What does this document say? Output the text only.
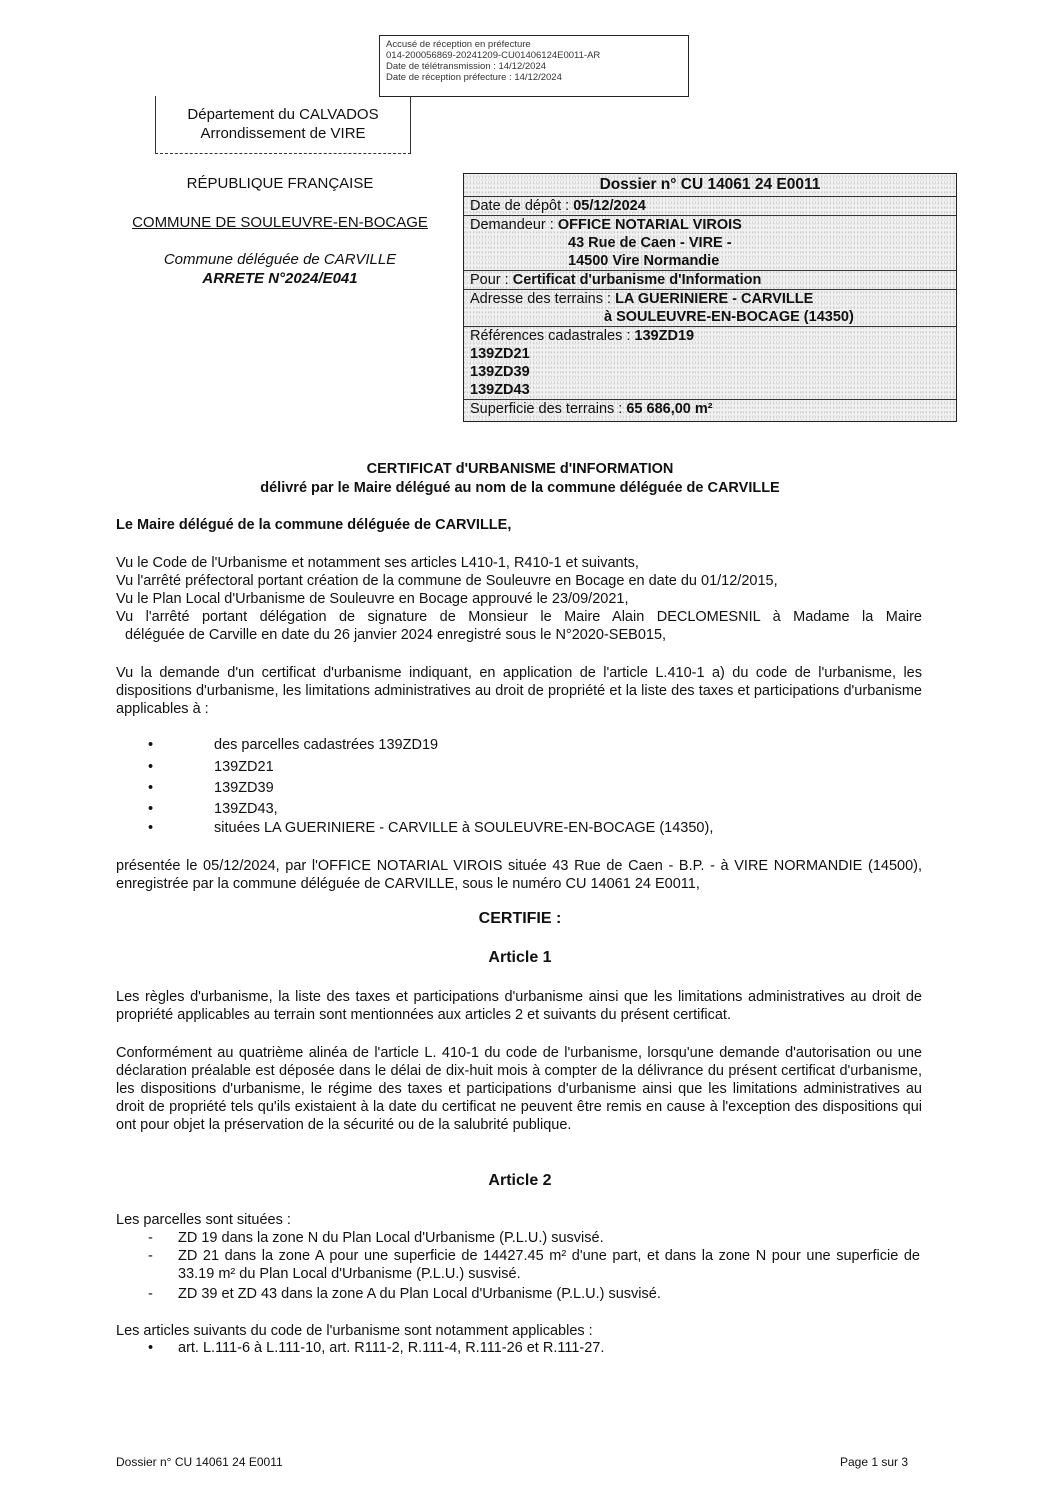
Accusé de réception en préfecture
014-200056869-20241209-CU01406124E0011-AR
Date de télétransmission : 14/12/2024
Date de réception préfecture : 14/12/2024
Département du CALVADOS
Arrondissement de VIRE
RÉPUBLIQUE FRANÇAISE
COMMUNE DE SOULEUVRE-EN-BOCAGE
Commune déléguée de CARVILLE
ARRETE N°2024/E041
Dossier n° CU 14061 24 E0011
Date de dépôt : 05/12/2024
Demandeur : OFFICE NOTARIAL VIROIS
43 Rue de Caen - VIRE -
14500 Vire Normandie
Pour : Certificat d'urbanisme d'Information
Adresse des terrains : LA GUERINIERE - CARVILLE
à SOULEUVRE-EN-BOCAGE (14350)
Références cadastrales : 139ZD19
139ZD21
139ZD39
139ZD43
Superficie des terrains : 65 686,00 m²
CERTIFICAT d'URBANISME d'INFORMATION
délivré par le Maire délégué au nom de la commune déléguée de CARVILLE
Le Maire délégué de la commune déléguée de CARVILLE,
Vu le Code de l'Urbanisme et notamment ses articles L410-1, R410-1 et suivants,
Vu l'arrêté préfectoral portant création de la commune de Souleuvre en Bocage en date du 01/12/2015,
Vu le Plan Local d'Urbanisme de Souleuvre en Bocage approuvé le 23/09/2021,
Vu l'arrêté portant délégation de signature de Monsieur le Maire Alain DECLOMESNIL à Madame la Maire
déléguée de Carville en date du 26 janvier 2024 enregistré sous le N°2020-SEB015,
Vu la demande d'un certificat d'urbanisme indiquant, en application de l'article L.410-1 a) du code de l'urbanisme, les dispositions d'urbanisme, les limitations administratives au droit de propriété et la liste des taxes et participations d'urbanisme applicables à :
•	des parcelles cadastrées 139ZD19
•	139ZD21
•	139ZD39
•	139ZD43,
•	situées LA GUERINIERE - CARVILLE à SOULEUVRE-EN-BOCAGE (14350),
présentée le 05/12/2024, par l'OFFICE NOTARIAL VIROIS située 43 Rue de Caen - B.P. - à VIRE NORMANDIE (14500), enregistrée par la commune déléguée de CARVILLE, sous le numéro CU 14061 24 E0011,
CERTIFIE :
Article 1
Les règles d'urbanisme, la liste des taxes et participations d'urbanisme ainsi que les limitations administratives au droit de propriété applicables au terrain sont mentionnées aux articles 2 et suivants du présent certificat.
Conformément au quatrième alinéa de l'article L. 410-1 du code de l'urbanisme, lorsqu'une demande d'autorisation ou une déclaration préalable est déposée dans le délai de dix-huit mois à compter de la délivrance du présent certificat d'urbanisme, les dispositions d'urbanisme, le régime des taxes et participations d'urbanisme ainsi que les limitations administratives au droit de propriété tels qu'ils existaient à la date du certificat ne peuvent être remis en cause à l'exception des dispositions qui ont pour objet la préservation de la sécurité ou de la salubrité publique.
Article 2
Les parcelles sont situées :
-	ZD 19 dans la zone N du Plan Local d'Urbanisme (P.L.U.) susvisé.
-	ZD 21 dans la zone A pour une superficie de 14427.45 m² d'une part, et dans la zone N pour une superficie de 33.19 m² du Plan Local d'Urbanisme (P.L.U.) susvisé.
-	ZD 39 et ZD 43 dans la zone A du Plan Local d'Urbanisme (P.L.U.) susvisé.
Les articles suivants du code de l'urbanisme sont notamment applicables :
• art. L.111-6 à L.111-10, art. R111-2, R.111-4, R.111-26 et R.111-27.
Dossier n° CU 14061 24 E0011	Page 1 sur 3
